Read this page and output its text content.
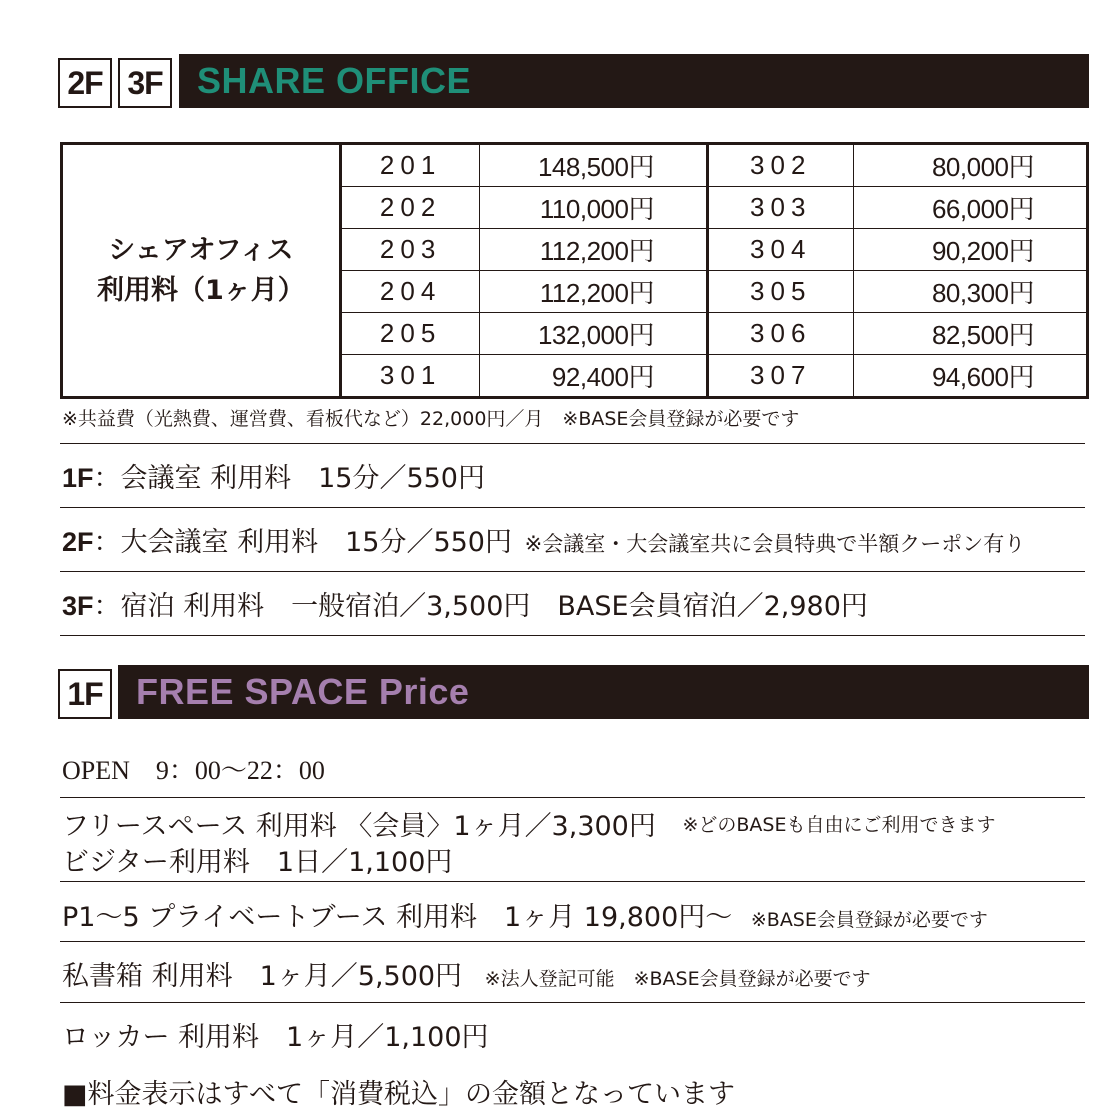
2F 3F SHARE OFFICE
シェアオフィス
利用料（1ヶ月）	201	148,500円	302	80,000円
	202	110,000円	303	66,000円
	203	112,200円	304	90,200円
	204	112,200円	305	80,300円
	205	132,000円	306	82,500円
	301	92,400円	307	94,600円
※共益費（光熱費、運営費、看板代など）22,000円／月　※BASE会員登録が必要です
1F：会議室 利用料　15分／550円
2F：大会議室 利用料　15分／550円 ※会議室・大会議室共に会員特典で半額クーポン有り
3F：宿泊 利用料　一般宿泊／3,500円　BASE会員宿泊／2,980円
1F FREE SPACE Price
OPEN　9：00〜22：00
フリースペース 利用料 〈会員〉1ヶ月／3,300円 ※どのBASEも自由にご利用できます
ビジター利用料　1日／1,100円
P1〜5 プライベートブース 利用料　1ヶ月 19,800円〜 ※BASE会員登録が必要です
私書箱 利用料　1ヶ月／5,500円 ※法人登記可能　※BASE会員登録が必要です
ロッカー 利用料　1ヶ月／1,100円
■料金表示はすべて「消費税込」の金額となっています
